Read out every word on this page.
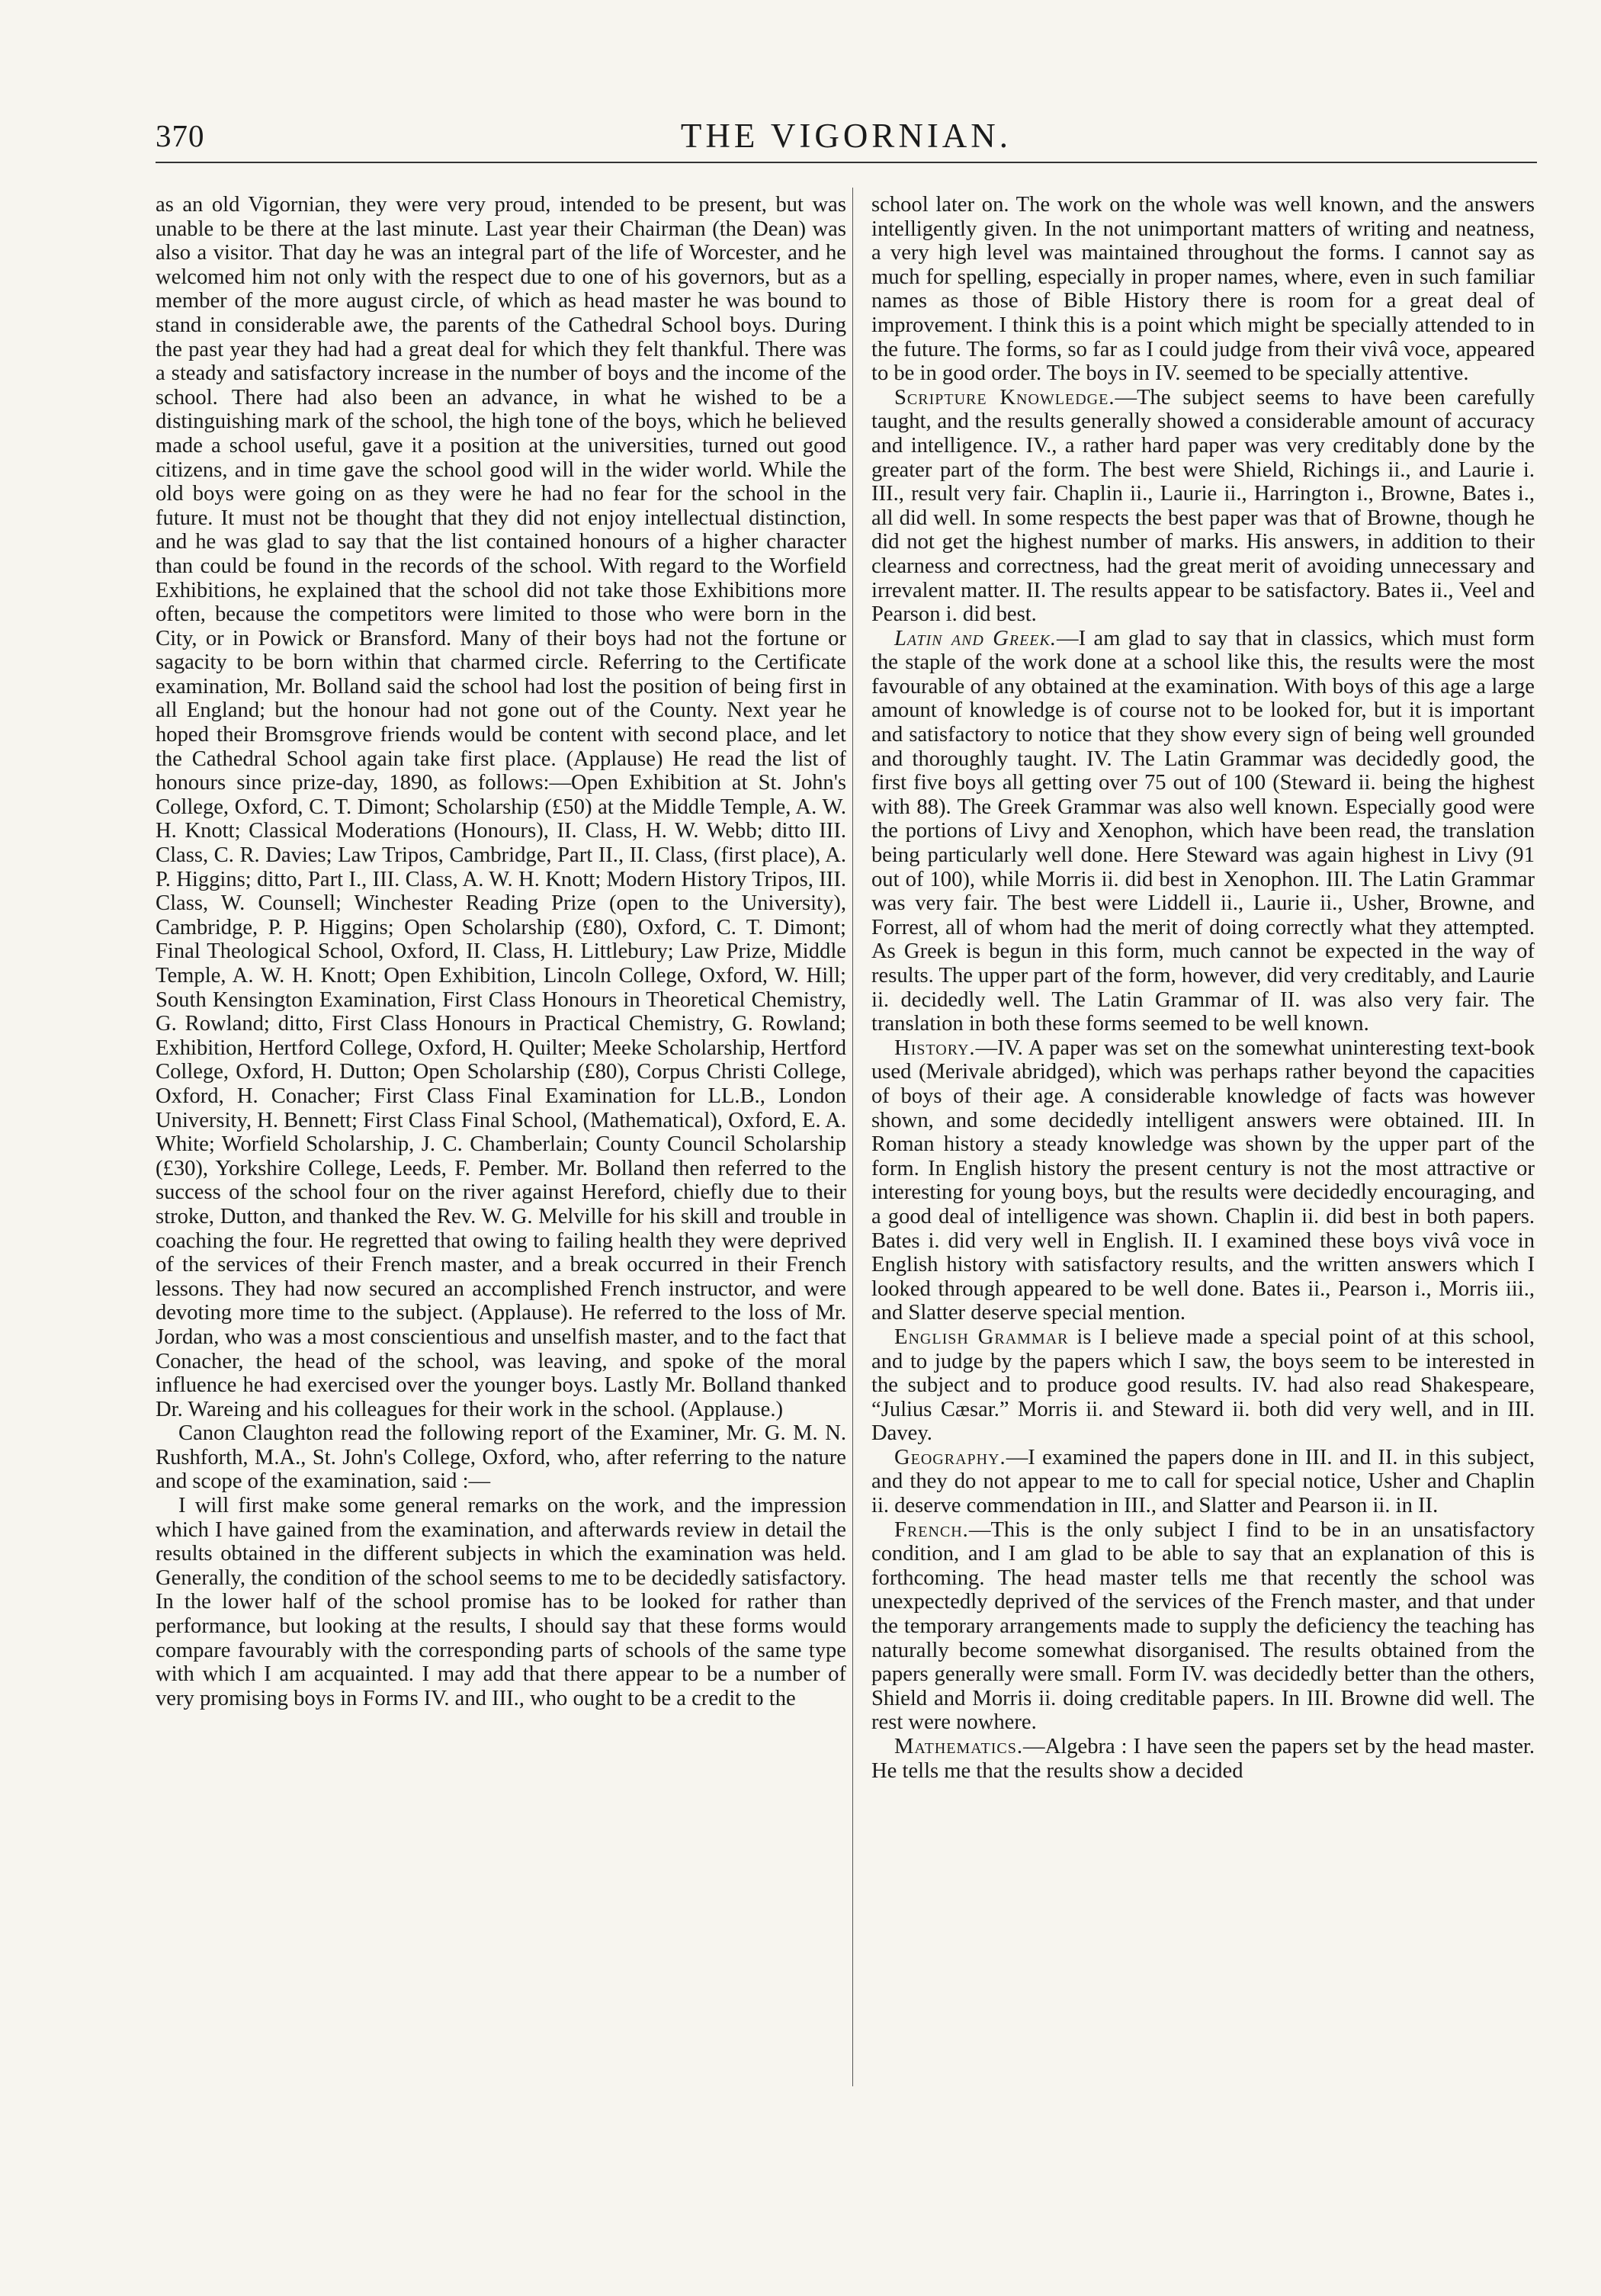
370	THE VIGORNIAN.

as an old Vigornian, they were very proud, intended to be present, but was unable to be there at the last minute. Last year their Chairman (the Dean) was also a visitor. That day he was an integral part of the life of Worcester, and he welcomed him not only with the respect due to one of his governors, but as a member of the more august circle, of which as head master he was bound to stand in considerable awe, the parents of the Cathedral School boys. During the past year they had had a great deal for which they felt thankful. There was a steady and satisfactory increase in the number of boys and the income of the school. There had also been an advance, in what he wished to be a distinguishing mark of the school, the high tone of the boys, which he believed made a school useful, gave it a position at the universities, turned out good citizens, and in time gave the school good will in the wider world. While the old boys were going on as they were he had no fear for the school in the future. It must not be thought that they did not enjoy intellectual distinction, and he was glad to say that the list contained honours of a higher character than could be found in the records of the school. With regard to the Worfield Exhibitions, he explained that the school did not take those Exhibitions more often, because the competitors were limited to those who were born in the City, or in Powick or Bransford. Many of their boys had not the fortune or sagacity to be born within that charmed circle. Referring to the Certificate examination, Mr. Bolland said the school had lost the position of being first in all England; but the honour had not gone out of the County. Next year he hoped their Bromsgrove friends would be content with second place, and let the Cathedral School again take first place. (Applause) He read the list of honours since prize-day, 1890, as follows:—Open Exhibition at St. John's College, Oxford, C. T. Dimont; Scholarship (£50) at the Middle Temple, A. W. H. Knott; Classical Moderations (Honours), II. Class, H. W. Webb; ditto III. Class, C. R. Davies; Law Tripos, Cambridge, Part II., II. Class, (first place), A. P. Higgins; ditto, Part I., III. Class, A. W. H. Knott; Modern History Tripos, III. Class, W. Counsell; Winchester Reading Prize (open to the University), Cambridge, P. P. Higgins; Open Scholarship (£80), Oxford, C. T. Dimont; Final Theological School, Oxford, II. Class, H. Littlebury; Law Prize, Middle Temple, A. W. H. Knott; Open Exhibition, Lincoln College, Oxford, W. Hill; South Kensington Examination, First Class Honours in Theoretical Chemistry, G. Rowland; ditto, First Class Honours in Practical Chemistry, G. Rowland; Exhibition, Hertford College, Oxford, H. Quilter; Meeke Scholarship, Hertford College, Oxford, H. Dutton; Open Scholarship (£80), Corpus Christi College, Oxford, H. Conacher; First Class Final Examination for LL.B., London University, H. Bennett; First Class Final School, (Mathematical), Oxford, E. A. White; Worfield Scholarship, J. C. Chamberlain; County Council Scholarship (£30), Yorkshire College, Leeds, F. Pember. Mr. Bolland then referred to the success of the school four on the river against Hereford, chiefly due to their stroke, Dutton, and thanked the Rev. W. G. Melville for his skill and trouble in coaching the four. He regretted that owing to failing health they were deprived of the services of their French master, and a break occurred in their French lessons. They had now secured an accomplished French instructor, and were devoting more time to the subject. (Applause). He referred to the loss of Mr. Jordan, who was a most conscientious and unselfish master, and to the fact that Conacher, the head of the school, was leaving, and spoke of the moral influence he had exercised over the younger boys. Lastly Mr. Bolland thanked Dr. Wareing and his colleagues for their work in the school. (Applause.)

Canon Claughton read the following report of the Examiner, Mr. G. M. N. Rushforth, M.A., St. John's College, Oxford, who, after referring to the nature and scope of the examination, said :—

I will first make some general remarks on the work, and the impression which I have gained from the examination, and afterwards review in detail the results obtained in the different subjects in which the examination was held. Generally, the condition of the school seems to me to be decidedly satisfactory. In the lower half of the school promise has to be looked for rather than performance, but looking at the results, I should say that these forms would compare favourably with the corresponding parts of schools of the same type with which I am acquainted. I may add that there appear to be a number of very promising boys in Forms IV. and III., who ought to be a credit to the

school later on. The work on the whole was well known, and the answers intelligently given. In the not unimportant matters of writing and neatness, a very high level was maintained throughout the forms. I cannot say as much for spelling, especially in proper names, where, even in such familiar names as those of Bible History there is room for a great deal of improvement. I think this is a point which might be specially attended to in the future. The forms, so far as I could judge from their vivâ voce, appeared to be in good order. The boys in IV. seemed to be specially attentive.

Scripture Knowledge.—The subject seems to have been carefully taught, and the results generally showed a considerable amount of accuracy and intelligence. IV., a rather hard paper was very creditably done by the greater part of the form. The best were Shield, Richings ii., and Laurie i. III., result very fair. Chaplin ii., Laurie ii., Harrington i., Browne, Bates i., all did well. In some respects the best paper was that of Browne, though he did not get the highest number of marks. His answers, in addition to their clearness and correctness, had the great merit of avoiding unnecessary and irrevalent matter. II. The results appear to be satisfactory. Bates ii., Veel and Pearson i. did best.

Latin and Greek.—I am glad to say that in classics, which must form the staple of the work done at a school like this, the results were the most favourable of any obtained at the examination. With boys of this age a large amount of knowledge is of course not to be looked for, but it is important and satisfactory to notice that they show every sign of being well grounded and thoroughly taught. IV. The Latin Grammar was decidedly good, the first five boys all getting over 75 out of 100 (Steward ii. being the highest with 88). The Greek Grammar was also well known. Especially good were the portions of Livy and Xenophon, which have been read, the translation being particularly well done. Here Steward was again highest in Livy (91 out of 100), while Morris ii. did best in Xenophon. III. The Latin Grammar was very fair. The best were Liddell ii., Laurie ii., Usher, Browne, and Forrest, all of whom had the merit of doing correctly what they attempted. As Greek is begun in this form, much cannot be expected in the way of results. The upper part of the form, however, did very creditably, and Laurie ii. decidedly well. The Latin Grammar of II. was also very fair. The translation in both these forms seemed to be well known.

History.—IV. A paper was set on the somewhat uninteresting text-book used (Merivale abridged), which was perhaps rather beyond the capacities of boys of their age. A considerable knowledge of facts was however shown, and some decidedly intelligent answers were obtained. III. In Roman history a steady knowledge was shown by the upper part of the form. In English history the present century is not the most attractive or interesting for young boys, but the results were decidedly encouraging, and a good deal of intelligence was shown. Chaplin ii. did best in both papers. Bates i. did very well in English. II. I examined these boys vivâ voce in English history with satisfactory results, and the written answers which I looked through appeared to be well done. Bates ii., Pearson i., Morris iii., and Slatter deserve special mention.

English Grammar is I believe made a special point of at this school, and to judge by the papers which I saw, the boys seem to be interested in the subject and to produce good results. IV. had also read Shakespeare, “Julius Cæsar.” Morris ii. and Steward ii. both did very well, and in III. Davey.

Geography.—I examined the papers done in III. and II. in this subject, and they do not appear to me to call for special notice, Usher and Chaplin ii. deserve commendation in III., and Slatter and Pearson ii. in II.

French.—This is the only subject I find to be in an unsatisfactory condition, and I am glad to be able to say that an explanation of this is forthcoming. The head master tells me that recently the school was unexpectedly deprived of the services of the French master, and that under the temporary arrangements made to supply the deficiency the teaching has naturally become somewhat disorganised. The results obtained from the papers generally were small. Form IV. was decidedly better than the others, Shield and Morris ii. doing creditable papers. In III. Browne did well. The rest were nowhere.

Mathematics.—Algebra : I have seen the papers set by the head master. He tells me that the results show a decided
